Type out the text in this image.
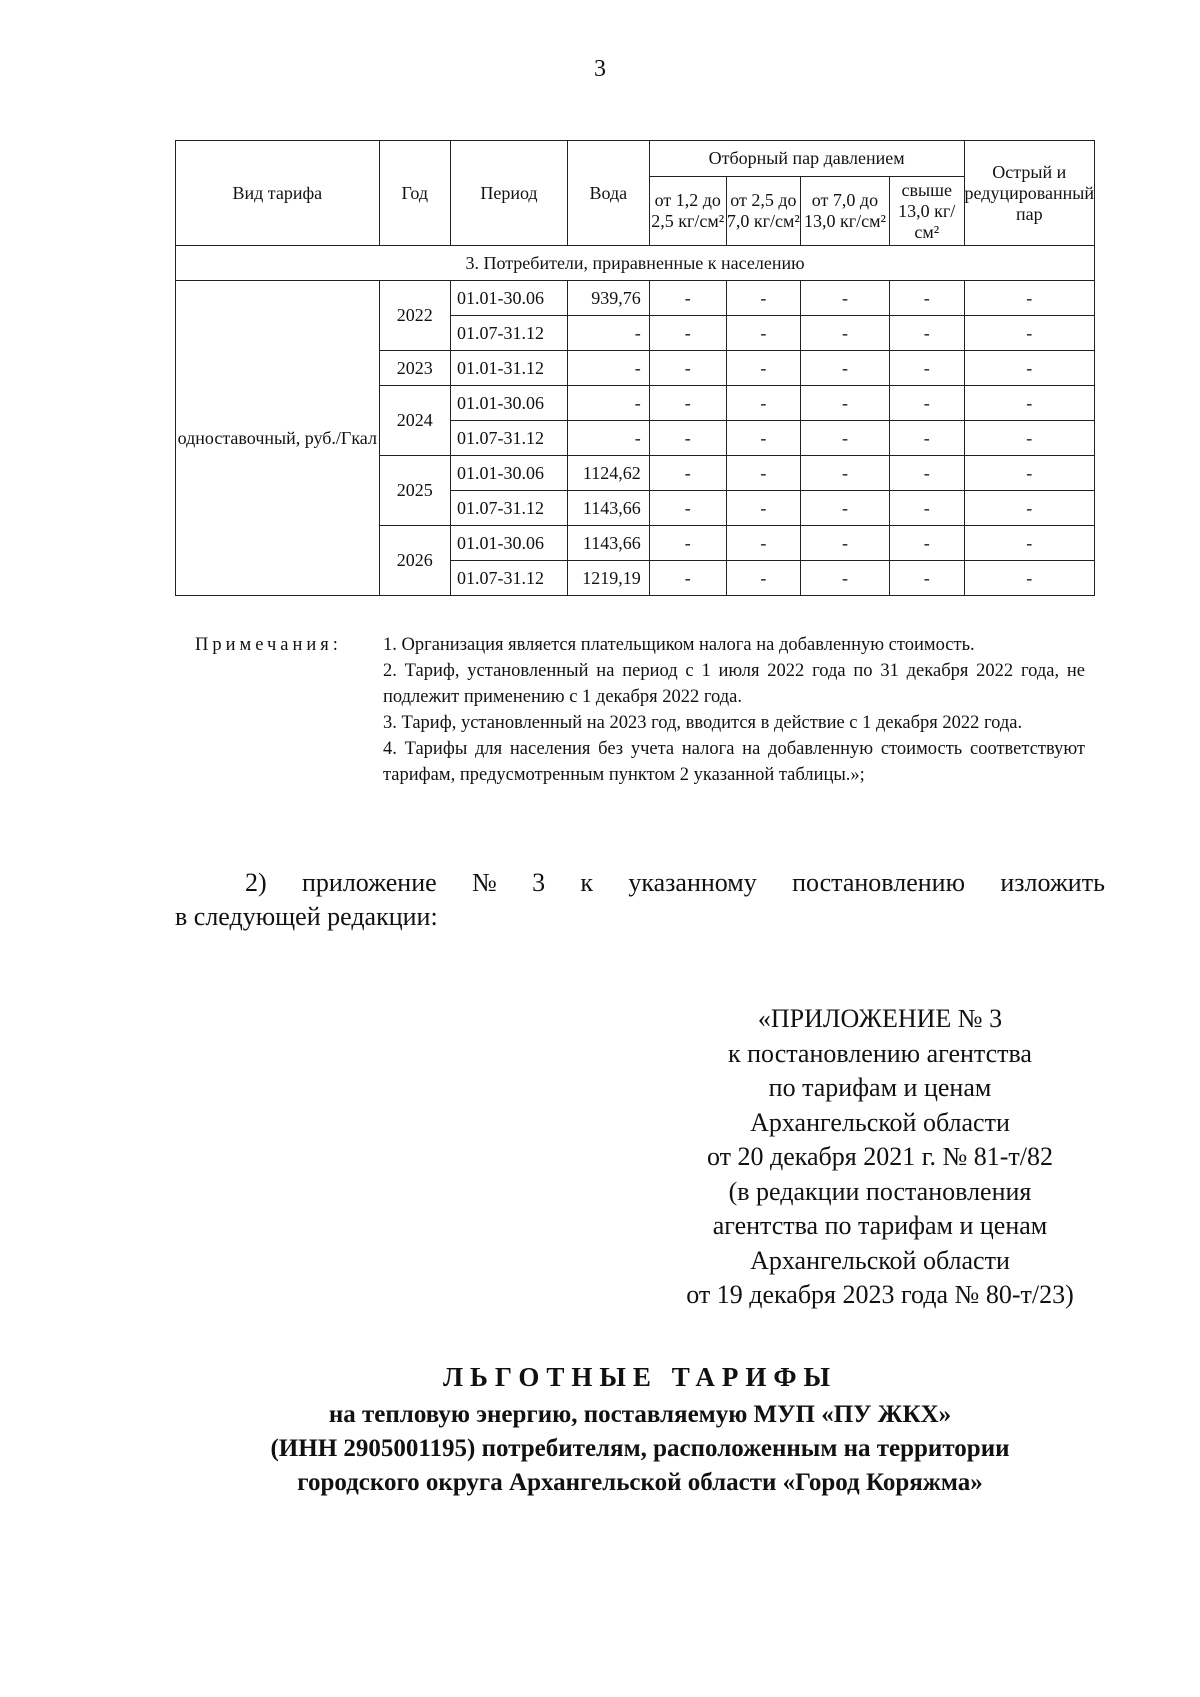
3
Вид тарифа	Год	Период	Вода	Отборный пар давлением				Острый и редуцированный пар
				от 1,2 до 2,5 кг/см²	от 2,5 до 7,0 кг/см²	от 7,0 до 13,0 кг/см²	свыше 13,0 кг/см²	
3. Потребители, приравненные к населению								
одноставочный, руб./Гкал	2022	01.01-30.06	939,76	-	-	-	-	-
		01.07-31.12	-	-	-	-	-	-
	2023	01.01-31.12	-	-	-	-	-	-
	2024	01.01-30.06	-	-	-	-	-	-
		01.07-31.12	-	-	-	-	-	-
	2025	01.01-30.06	1124,62	-	-	-	-	-
		01.07-31.12	1143,66	-	-	-	-	-
	2026	01.01-30.06	1143,66	-	-	-	-	-
		01.07-31.12	1219,19	-	-	-	-	-
Примечания: 1. Организация является плательщиком налога на добавленную стоимость.
2. Тариф, установленный на период с 1 июля 2022 года по 31 декабря 2022 года, не подлежит применению с 1 декабря 2022 года.
3. Тариф, установленный на 2023 год, вводится в действие с 1 декабря 2022 года.
4. Тарифы для населения без учета налога на добавленную стоимость соответствуют тарифам, предусмотренным пунктом 2 указанной таблицы.»;
2) приложение № 3 к указанному постановлению изложить
в следующей редакции:
«ПРИЛОЖЕНИЕ № 3
к постановлению агентства
по тарифам и ценам
Архангельской области
от 20 декабря 2021 г. № 81-т/82
(в редакции постановления
агентства по тарифам и ценам
Архангельской области
от 19 декабря 2023 года № 80-т/23)
ЛЬГОТНЫЕ ТАРИФЫ
на тепловую энергию, поставляемую МУП «ПУ ЖКХ»
(ИНН 2905001195) потребителям, расположенным на территории
городского округа Архангельской области «Город Коряжма»
